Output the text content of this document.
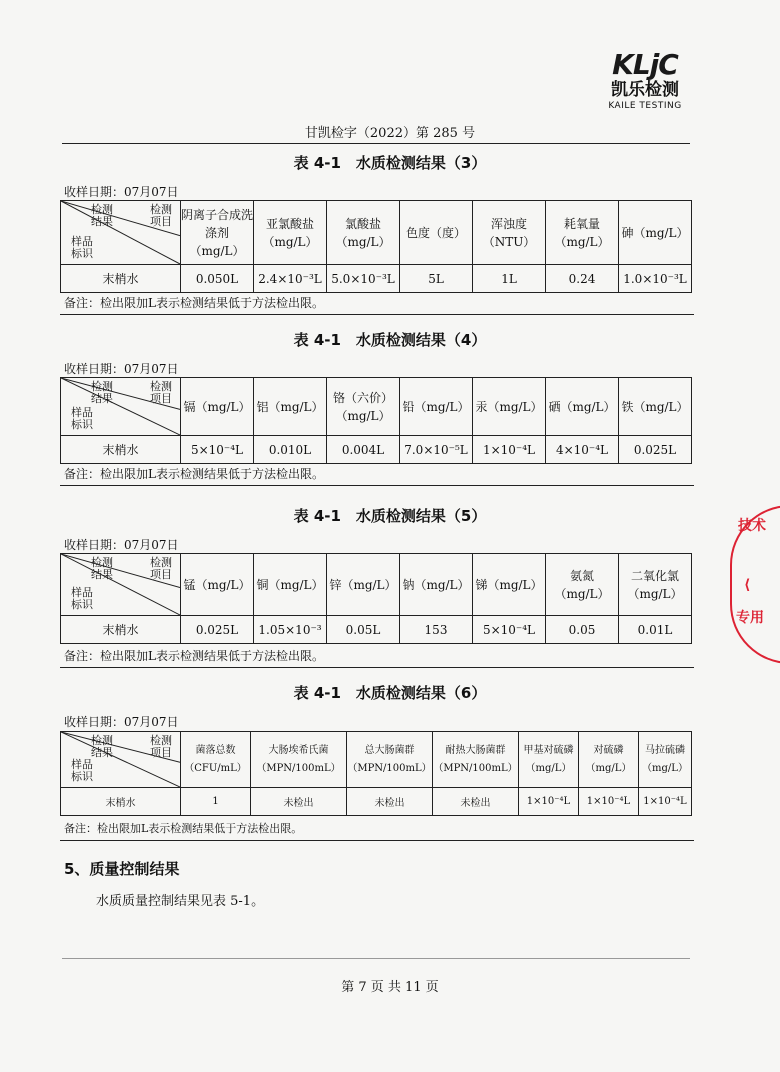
KLjC
凯乐检测
KAILE TESTING
甘凯检字（2022）第 285 号
表 4-1　水质检测结果（3）
收样日期：07月07日
检测结果
检测项目
样品标识	阴离子合成洗涤剂（mg/L）	亚氯酸盐（mg/L）	氯酸盐（mg/L）	色度（度）	浑浊度（NTU）	耗氧量（mg/L）	砷（mg/L）
末梢水	0.050L	2.4×10⁻³L	5.0×10⁻³L	5L	1L	0.24	1.0×10⁻³L
备注：检出限加L表示检测结果低于方法检出限。
表 4-1　水质检测结果（4）
收样日期：07月07日
检测结果
检测项目
样品标识	镉（mg/L）	铝（mg/L）	铬（六价）（mg/L）	铅（mg/L）	汞（mg/L）	硒（mg/L）	铁（mg/L）
末梢水	5×10⁻⁴L	0.010L	0.004L	7.0×10⁻⁵L	1×10⁻⁴L	4×10⁻⁴L	0.025L
备注：检出限加L表示检测结果低于方法检出限。
表 4-1　水质检测结果（5）
收样日期：07月07日
检测结果
检测项目
样品标识	锰（mg/L）	铜（mg/L）	锌（mg/L）	钠（mg/L）	锑（mg/L）	氨氮（mg/L）	二氧化氯（mg/L）
末梢水	0.025L	1.05×10⁻³	0.05L	153	5×10⁻⁴L	0.05	0.01L
备注：检出限加L表示检测结果低于方法检出限。
表 4-1　水质检测结果（6）
收样日期：07月07日
检测结果
检测项目
样品标识	菌落总数（CFU/mL）	大肠埃希氏菌（MPN/100mL）	总大肠菌群（MPN/100mL）	耐热大肠菌群（MPN/100mL）	甲基对硫磷（mg/L）	对硫磷（mg/L）	马拉硫磷（mg/L）
末梢水	1	未检出	未检出	未检出	1×10⁻⁴L	1×10⁻⁴L	1×10⁻⁴L
备注：检出限加L表示检测结果低于方法检出限。
5、质量控制结果
水质质量控制结果见表 5-1。
第 7 页 共 11 页
技术
⟨
专用
